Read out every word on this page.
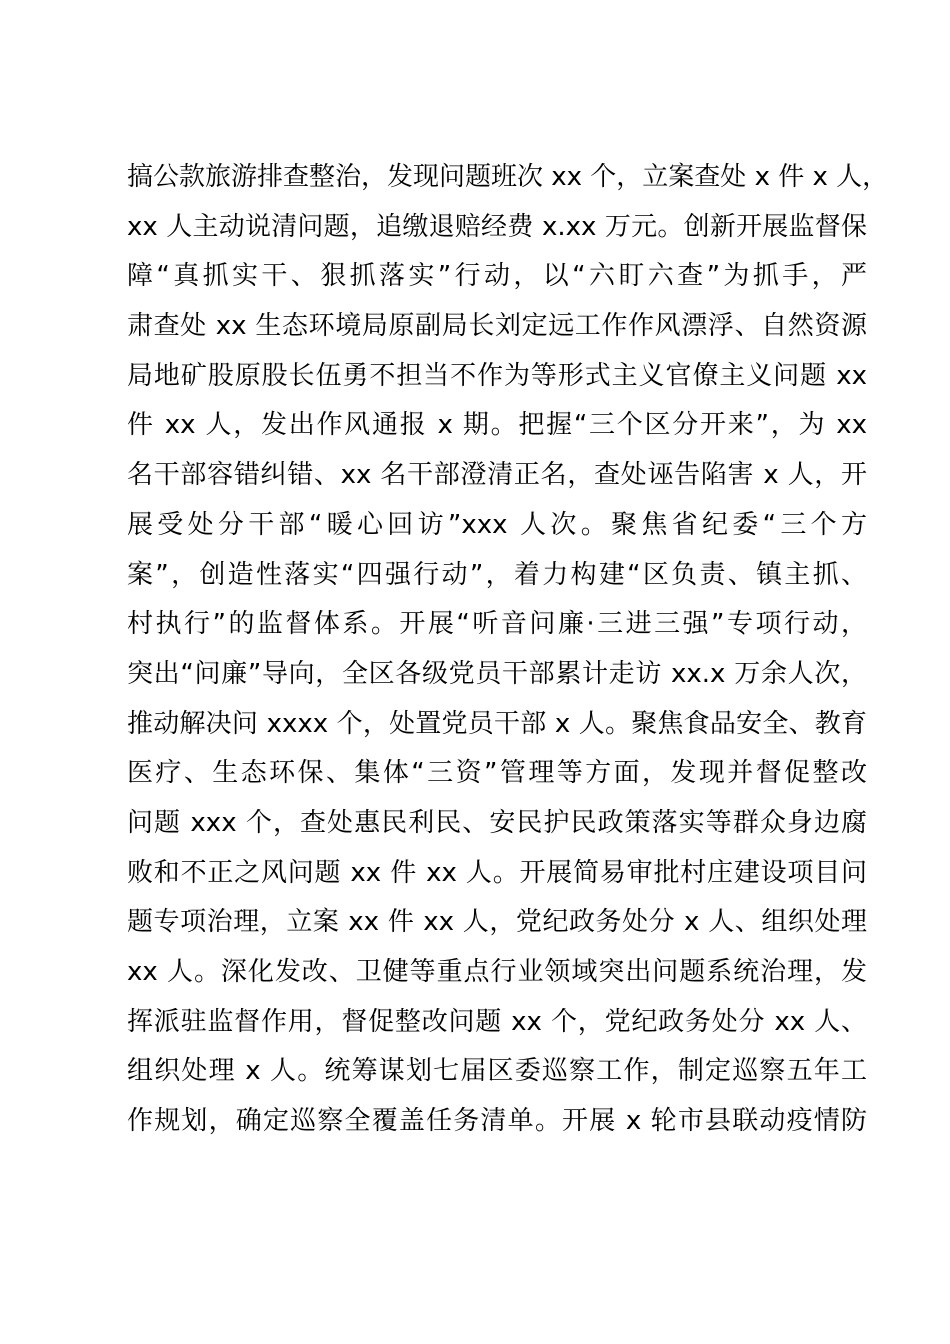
搞公款旅游排查整治，发现问题班次 xx 个，立案查处 x 件 x 人，
xx 人主动说清问题，追缴退赔经费 x.xx 万元。创新开展监督保
障“真抓实干、狠抓落实”行动，以“六盯六查”为抓手，严
肃查处 xx 生态环境局原副局长刘定远工作作风漂浮、自然资源
局地矿股原股长伍勇不担当不作为等形式主义官僚主义问题 xx
件 xx 人，发出作风通报 x 期。把握“三个区分开来”，为 xx
名干部容错纠错、xx 名干部澄清正名，查处诬告陷害 x 人，开
展受处分干部“暖心回访”xxx 人次。聚焦省纪委“三个方
案”，创造性落实“四强行动”，着力构建“区负责、镇主抓、
村执行”的监督体系。开展“听音问廉·三进三强”专项行动，
突出“问廉”导向，全区各级党员干部累计走访 xx.x 万余人次，
推动解决问 xxxx 个，处置党员干部 x 人。聚焦食品安全、教育
医疗、生态环保、集体“三资”管理等方面，发现并督促整改
问题 xxx 个，查处惠民利民、安民护民政策落实等群众身边腐
败和不正之风问题 xx 件 xx 人。开展简易审批村庄建设项目问
题专项治理，立案 xx 件 xx 人，党纪政务处分 x 人、组织处理
xx 人。深化发改、卫健等重点行业领域突出问题系统治理，发
挥派驻监督作用，督促整改问题 xx 个，党纪政务处分 xx 人、
组织处理 x 人。统筹谋划七届区委巡察工作，制定巡察五年工
作规划，确定巡察全覆盖任务清单。开展 x 轮市县联动疫情防
